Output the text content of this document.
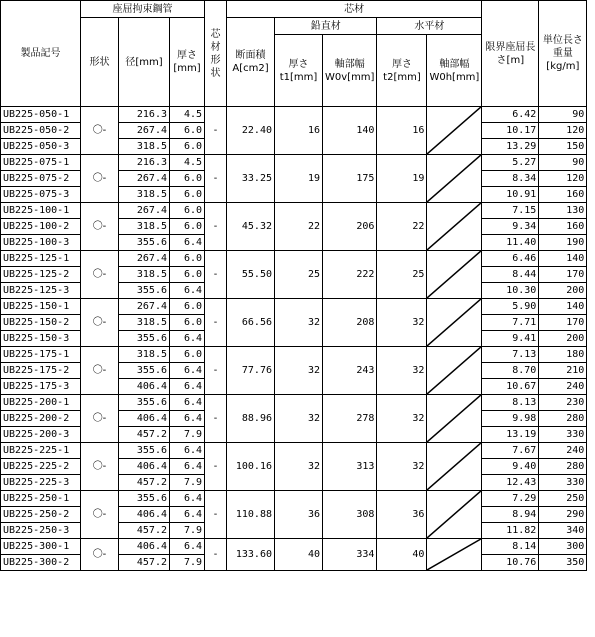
製品記号	座屈拘束鋼管			芯材形状	芯材					限界座屈長さ[m]	単位長さ重量[kg/m]
	形状	径[mm]	厚さ[mm]		断面積A[cm2]	鉛直材		水平材			
						厚さt1[mm]	軸部幅W0v[mm]	厚さt2[mm]	軸部幅W0h[mm]		
UB225-050-1	〇-	216.3	4.5	-	22.40	16	140	16		6.42	90
UB225-050-2		267.4	6.0							10.17	120
UB225-050-3		318.5	6.0							13.29	150
UB225-075-1	〇-	216.3	4.5	-	33.25	19	175	19		5.27	90
UB225-075-2		267.4	6.0							8.34	120
UB225-075-3		318.5	6.0							10.91	160
UB225-100-1	〇-	267.4	6.0	-	45.32	22	206	22		7.15	130
UB225-100-2		318.5	6.0							9.34	160
UB225-100-3		355.6	6.4							11.40	190
UB225-125-1	〇-	267.4	6.0	-	55.50	25	222	25		6.46	140
UB225-125-2		318.5	6.0							8.44	170
UB225-125-3		355.6	6.4							10.30	200
UB225-150-1	〇-	267.4	6.0	-	66.56	32	208	32		5.90	140
UB225-150-2		318.5	6.0							7.71	170
UB225-150-3		355.6	6.4							9.41	200
UB225-175-1	〇-	318.5	6.0	-	77.76	32	243	32		7.13	180
UB225-175-2		355.6	6.4							8.70	210
UB225-175-3		406.4	6.4							10.67	240
UB225-200-1	〇-	355.6	6.4	-	88.96	32	278	32		8.13	230
UB225-200-2		406.4	6.4							9.98	280
UB225-200-3		457.2	7.9							13.19	330
UB225-225-1	〇-	355.6	6.4	-	100.16	32	313	32		7.67	240
UB225-225-2		406.4	6.4							9.40	280
UB225-225-3		457.2	7.9							12.43	330
UB225-250-1	〇-	355.6	6.4	-	110.88	36	308	36		7.29	250
UB225-250-2		406.4	6.4							8.94	290
UB225-250-3		457.2	7.9							11.82	340
UB225-300-1	〇-	406.4	6.4	-	133.60	40	334	40		8.14	300
UB225-300-2		457.2	7.9							10.76	350
